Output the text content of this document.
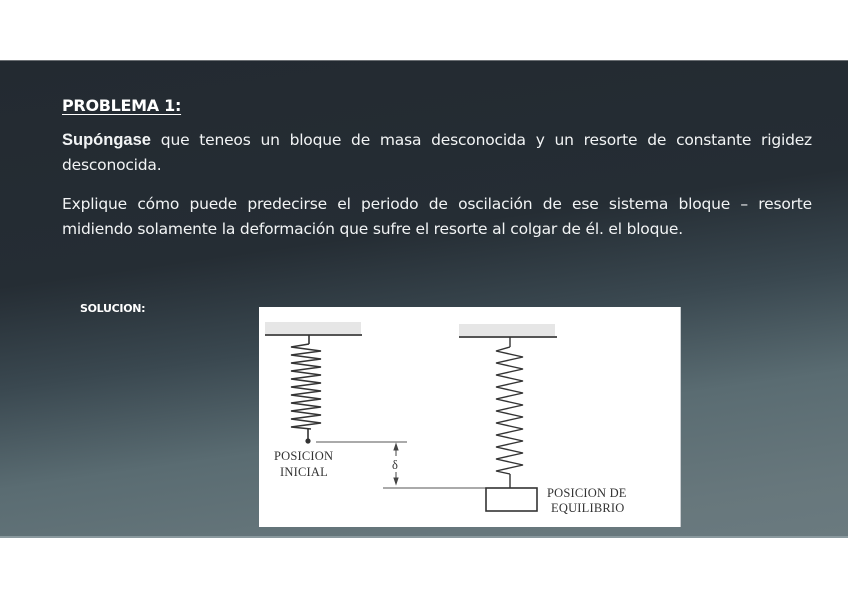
PROBLEMA 1:
Supóngase que teneos un bloque de masa desconocida y un resorte de constante rigidez desconocida.
Explique cómo puede predecirse el periodo de oscilación de ese sistema bloque – resorte midiendo solamente la deformación que sufre el resorte al colgar de él. el bloque.
SOLUCION:
δ
POSICION
INICIAL
POSICION DE
EQUILIBRIO
